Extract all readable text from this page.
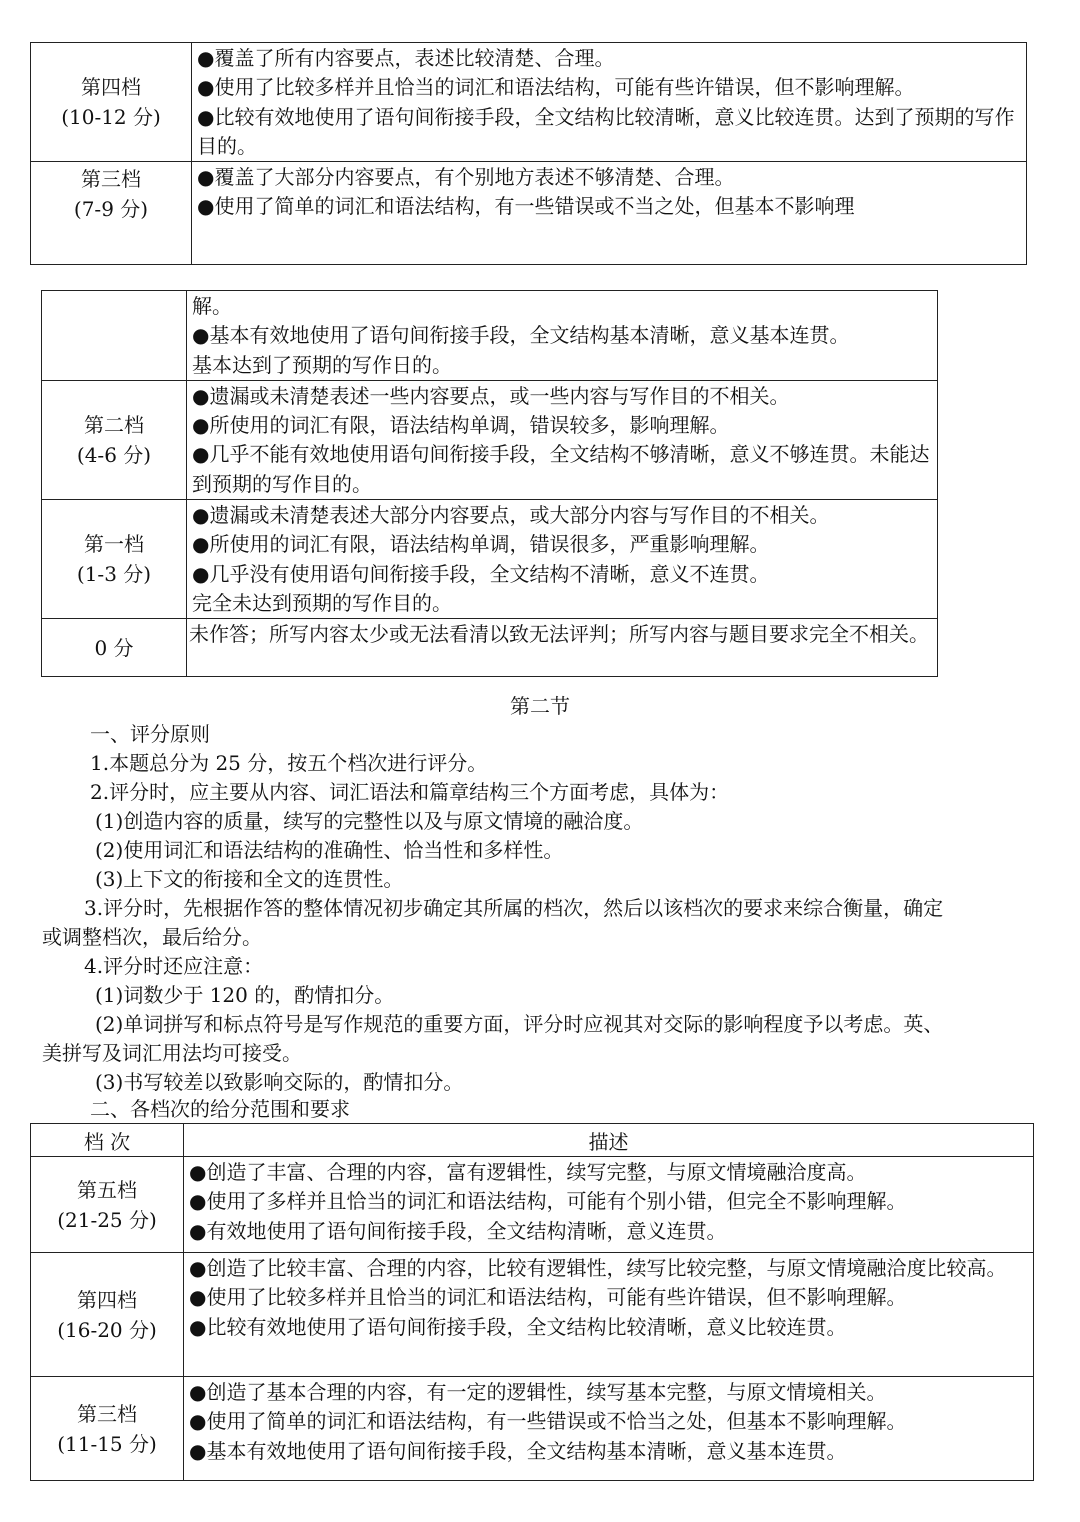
第四档
(10-12 分)	●覆盖了所有内容要点，表述比较清楚、合理。
●使用了比较多样并且恰当的词汇和语法结构，可能有些许错误，但不影响理解。
●比较有效地使用了语句间衔接手段，全文结构比较清晰，意义比较连贯。达到了预期的写作目的。

第三档
(7-9 分)	●覆盖了大部分内容要点，有个别地方表述不够清楚、合理。
●使用了简单的词汇和语法结构，有一些错误或不当之处，但基本不影响理

	解。
●基本有效地使用了语句间衔接手段，全文结构基本清晰，意义基本连贯。
基本达到了预期的写作日的。

第二档
(4-6 分)	●遗漏或未清楚表述一些内容要点，或一些内容与写作目的不相关。
●所使用的词汇有限，语法结构单调，错误较多，影响理解。
●几乎不能有效地使用语句间衔接手段，全文结构不够清晰，意义不够连贯。未能达到预期的写作目的。

第一档
(1-3 分)	●遗漏或未清楚表述大部分内容要点，或大部分内容与写作目的不相关。
●所使用的词汇有限，语法结构单调，错误很多，严重影响理解。
●几乎没有使用语句间衔接手段，全文结构不清晰，意义不连贯。
完全未达到预期的写作目的。

0 分	未作答；所写内容太少或无法看清以致无法评判；所写内容与题目要求完全不相关。
第二节
一、评分原则
1.本题总分为 25 分，按五个档次进行评分。
2.评分时，应主要从内容、词汇语法和篇章结构三个方面考虑，具体为：
(1)创造内容的质量，续写的完整性以及与原文情境的融洽度。
(2)使用词汇和语法结构的准确性、恰当性和多样性。
(3)上下文的衔接和全文的连贯性。
3.评分时，先根据作答的整体情况初步确定其所属的档次，然后以该档次的要求来综合衡量，确定
或调整档次，最后给分。
4.评分时还应注意：
(1)词数少于 120 的，酌情扣分。
(2)单词拼写和标点符号是写作规范的重要方面，评分时应视其对交际的影响程度予以考虑。英、
美拼写及词汇用法均可接受。
(3)书写较差以致影响交际的，酌情扣分。
二、各档次的给分范围和要求
档 次	描述

第五档
(21-25 分)	●创造了丰富、合理的内容，富有逻辑性，续写完整，与原文情境融洽度高。
●使用了多样并且恰当的词汇和语法结构，可能有个别小错，但完全不影响理解。
●有效地使用了语句间衔接手段，全文结构清晰，意义连贯。

第四档
(16-20 分)	●创造了比较丰富、合理的内容，比较有逻辑性，续写比较完整，与原文情境融洽度比较高。
●使用了比较多样并且恰当的词汇和语法结构，可能有些许错误，但不影响理解。
●比较有效地使用了语句间衔接手段，全文结构比较清晰，意义比较连贯。

第三档
(11-15 分)	●创造了基本合理的内容，有一定的逻辑性，续写基本完整，与原文情境相关。
●使用了简单的词汇和语法结构，有一些错误或不恰当之处，但基本不影响理解。
●基本有效地使用了语句间衔接手段，全文结构基本清晰，意义基本连贯。
